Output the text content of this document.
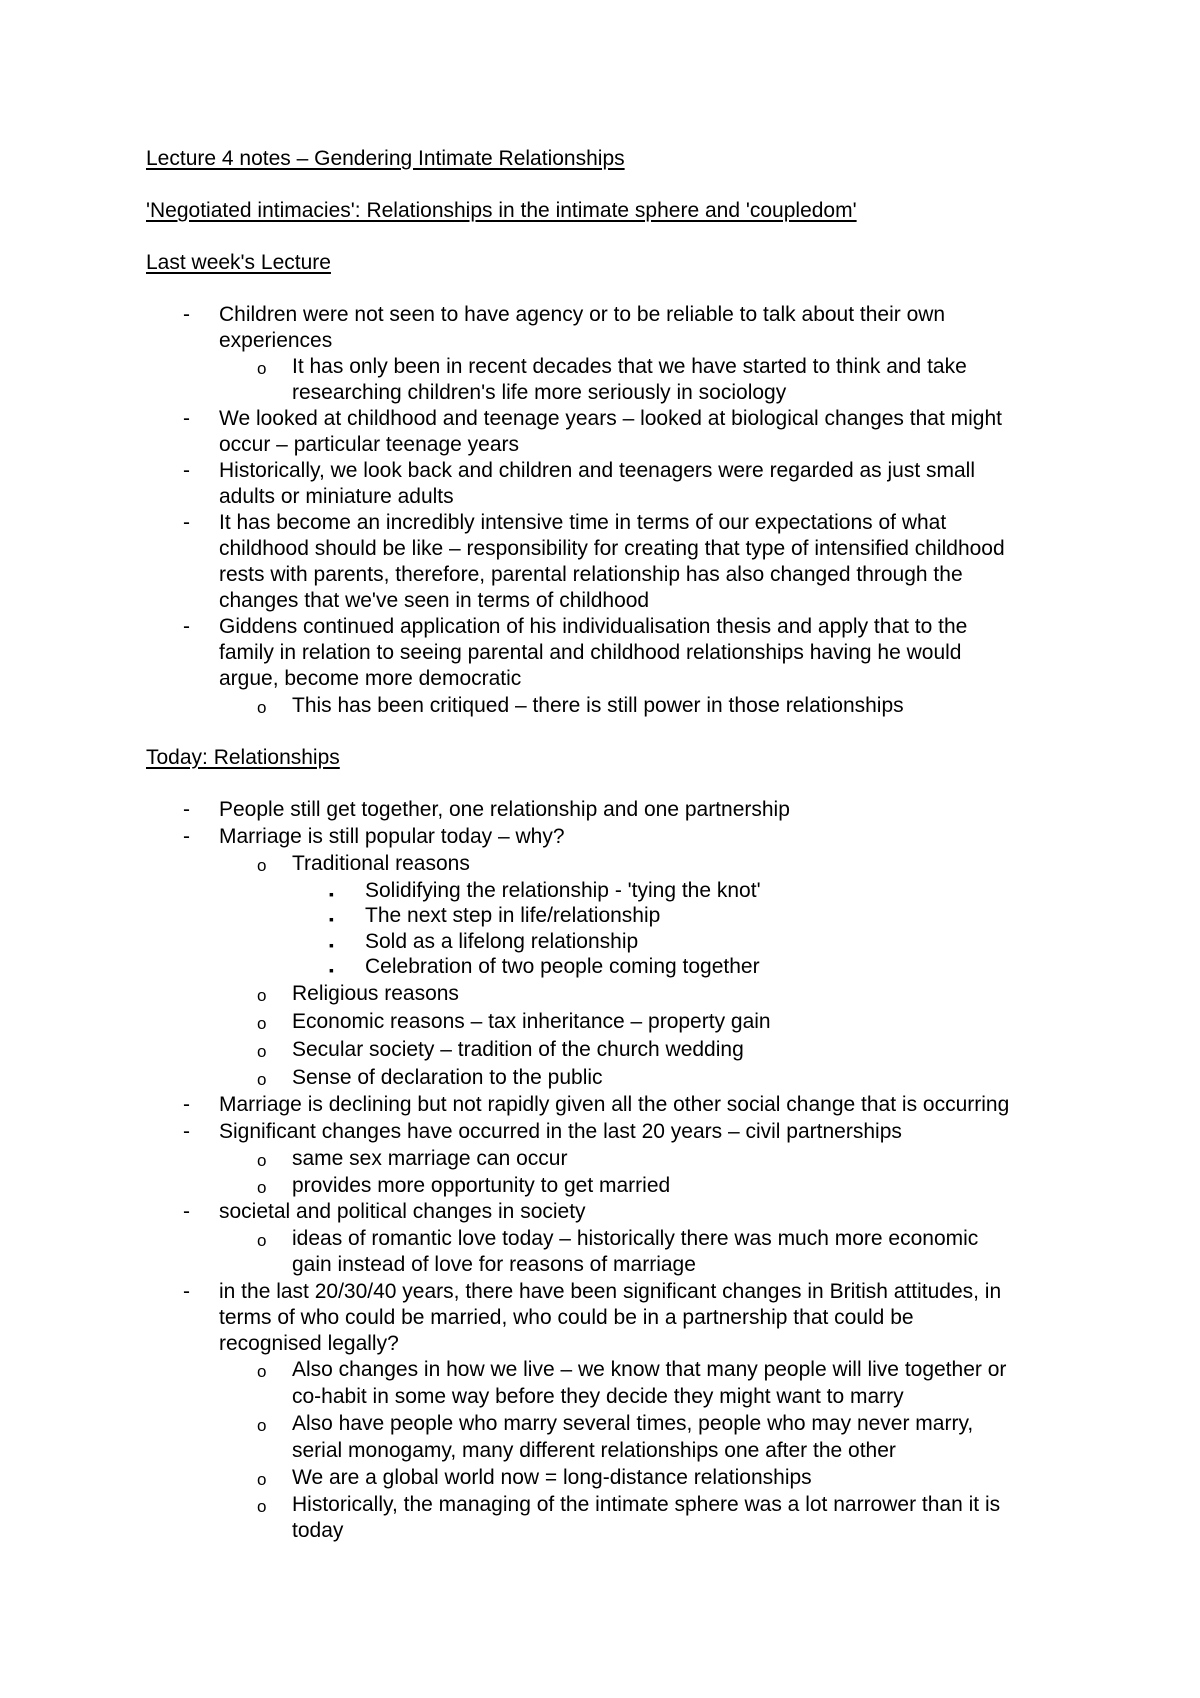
Lecture 4 notes – Gendering Intimate Relationships
'Negotiated intimacies': Relationships in the intimate sphere and 'coupledom'
Last week's Lecture
- Children were not seen to have agency or to be reliable to talk about their own
experiences
o It has only been in recent decades that we have started to think and take
researching children's life more seriously in sociology
- We looked at childhood and teenage years – looked at biological changes that might
occur – particular teenage years
- Historically, we look back and children and teenagers were regarded as just small
adults or miniature adults
- It has become an incredibly intensive time in terms of our expectations of what
childhood should be like – responsibility for creating that type of intensified childhood
rests with parents, therefore, parental relationship has also changed through the
changes that we've seen in terms of childhood
- Giddens continued application of his individualisation thesis and apply that to the
family in relation to seeing parental and childhood relationships having he would
argue, become more democratic
o This has been critiqued – there is still power in those relationships
Today: Relationships
- People still get together, one relationship and one partnership
- Marriage is still popular today – why?
o Traditional reasons
▪ Solidifying the relationship - 'tying the knot'
▪ The next step in life/relationship
▪ Sold as a lifelong relationship
▪ Celebration of two people coming together
o Religious reasons
o Economic reasons – tax inheritance – property gain
o Secular society – tradition of the church wedding
o Sense of declaration to the public
- Marriage is declining but not rapidly given all the other social change that is occurring
- Significant changes have occurred in the last 20 years – civil partnerships
o same sex marriage can occur
o provides more opportunity to get married
- societal and political changes in society
o ideas of romantic love today – historically there was much more economic
gain instead of love for reasons of marriage
- in the last 20/30/40 years, there have been significant changes in British attitudes, in
terms of who could be married, who could be in a partnership that could be
recognised legally?
o Also changes in how we live – we know that many people will live together or
co-habit in some way before they decide they might want to marry
o Also have people who marry several times, people who may never marry,
serial monogamy, many different relationships one after the other
o We are a global world now = long-distance relationships
o Historically, the managing of the intimate sphere was a lot narrower than it is
today
